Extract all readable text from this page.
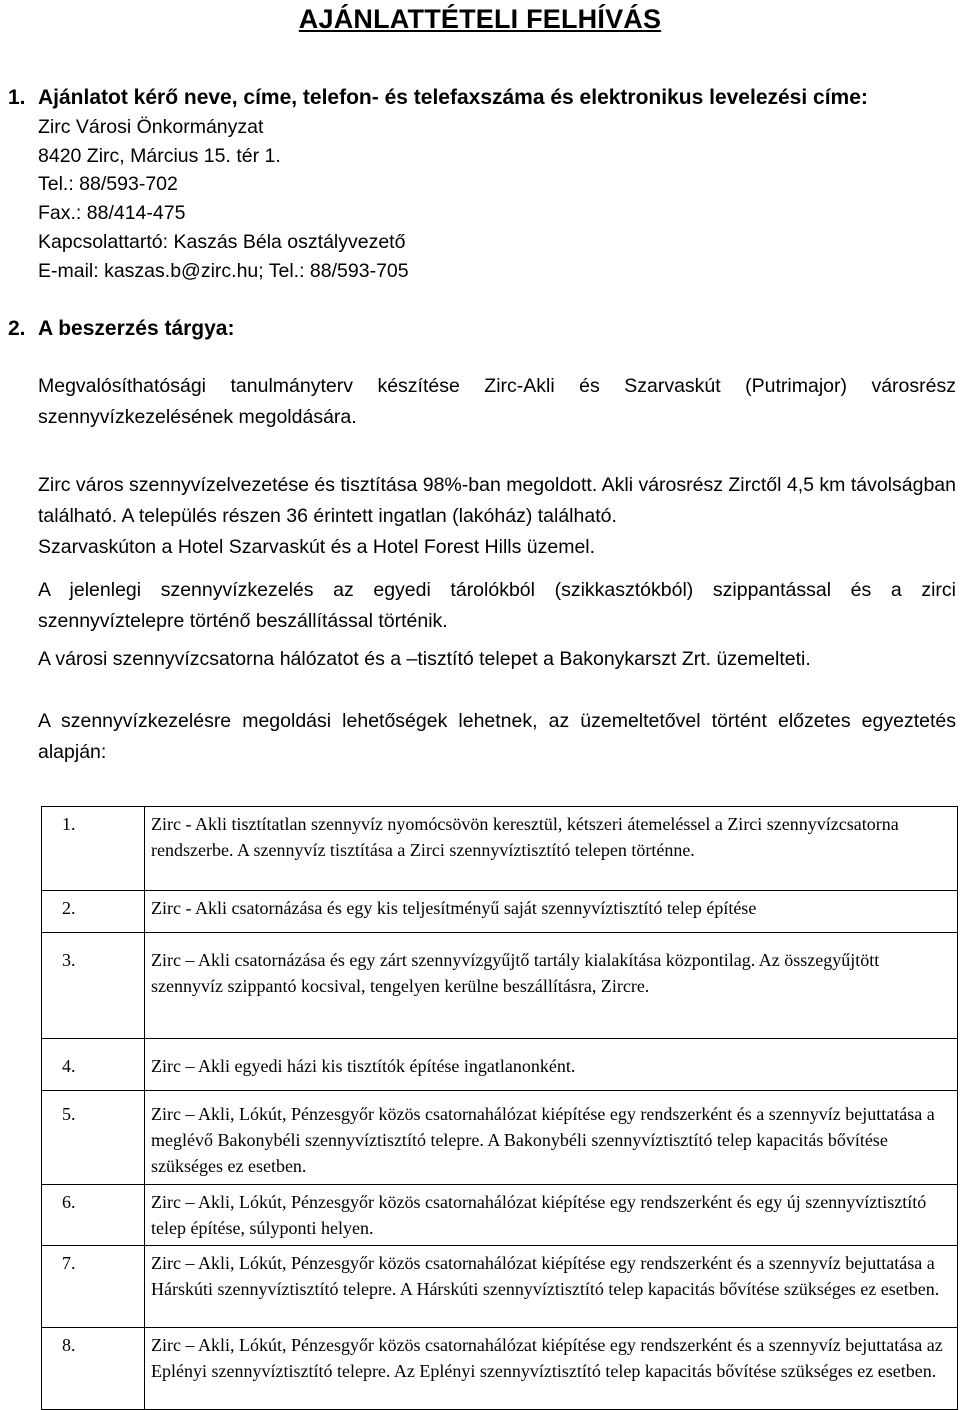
AJÁNLATTÉTELI FELHÍVÁS

1. Ajánlatot kérő neve, címe, telefon- és telefaxszáma és elektronikus levelezési címe:

Zirc Városi Önkormányzat

8420 Zirc, Március 15. tér 1.

Tel.: 88/593-702

Fax.: 88/414-475

Kapcsolattartó: Kaszás Béla osztályvezető

E-mail: kaszas.b@zirc.hu; Tel.: 88/593-705

2. A beszerzés tárgya:

Megvalósíthatósági tanulmányterv készítése Zirc-Akli és Szarvaskút (Putrimajor) városrész szennyvízkezelésének megoldására.

Zirc város szennyvízelvezetése és tisztítása 98%-ban megoldott. Akli városrész Zirctől 4,5 km távolságban található. A település részen 36 érintett ingatlan (lakóház) található.

Szarvaskúton a Hotel Szarvaskút és a Hotel Forest Hills üzemel.

A jelenlegi szennyvízkezelés az egyedi tárolókból (szikkasztókból) szippantással és a zirci szennyvíztelepre történő beszállítással történik.

A városi szennyvízcsatorna hálózatot és a –tisztító telepet a Bakonykarszt Zrt. üzemelteti.

A szennyvízkezelésre megoldási lehetőségek lehetnek, az üzemeltetővel történt előzetes egyeztetés alapján:

1.	Zirc - Akli tisztítatlan szennyvíz nyomócsövön keresztül, kétszeri átemeléssel a Zirci szennyvízcsatorna rendszerbe. A szennyvíz tisztítása a Zirci szennyvíztisztító telepen történne.
2.	Zirc - Akli csatornázása és egy kis teljesítményű saját szennyvíztisztító telep építése
3.	Zirc – Akli csatornázása és egy zárt szennyvízgyűjtő tartály kialakítása központilag. Az összegyűjtött szennyvíz szippantó kocsival, tengelyen kerülne beszállításra, Zircre.
4.	Zirc – Akli egyedi házi kis tisztítók építése ingatlanonként.
5.	Zirc – Akli, Lókút, Pénzesgyőr közös csatornahálózat kiépítése egy rendszerként és a szennyvíz bejuttatása a meglévő Bakonybéli szennyvíztisztító telepre. A Bakonybéli szennyvíztisztító telep kapacitás bővítése szükséges ez esetben.
6.	Zirc – Akli, Lókút, Pénzesgyőr közös csatornahálózat kiépítése egy rendszerként és egy új szennyvíztisztító telep építése, súlyponti helyen.
7.	Zirc – Akli, Lókút, Pénzesgyőr közös csatornahálózat kiépítése egy rendszerként és a szennyvíz bejuttatása a Hárskúti szennyvíztisztító telepre. A Hárskúti szennyvíztisztító telep kapacitás bővítése szükséges ez esetben.
8.	Zirc – Akli, Lókút, Pénzesgyőr közös csatornahálózat kiépítése egy rendszerként és a szennyvíz bejuttatása az Eplényi szennyvíztisztító telepre. Az Eplényi szennyvíztisztító telep kapacitás bővítése szükséges ez esetben.
